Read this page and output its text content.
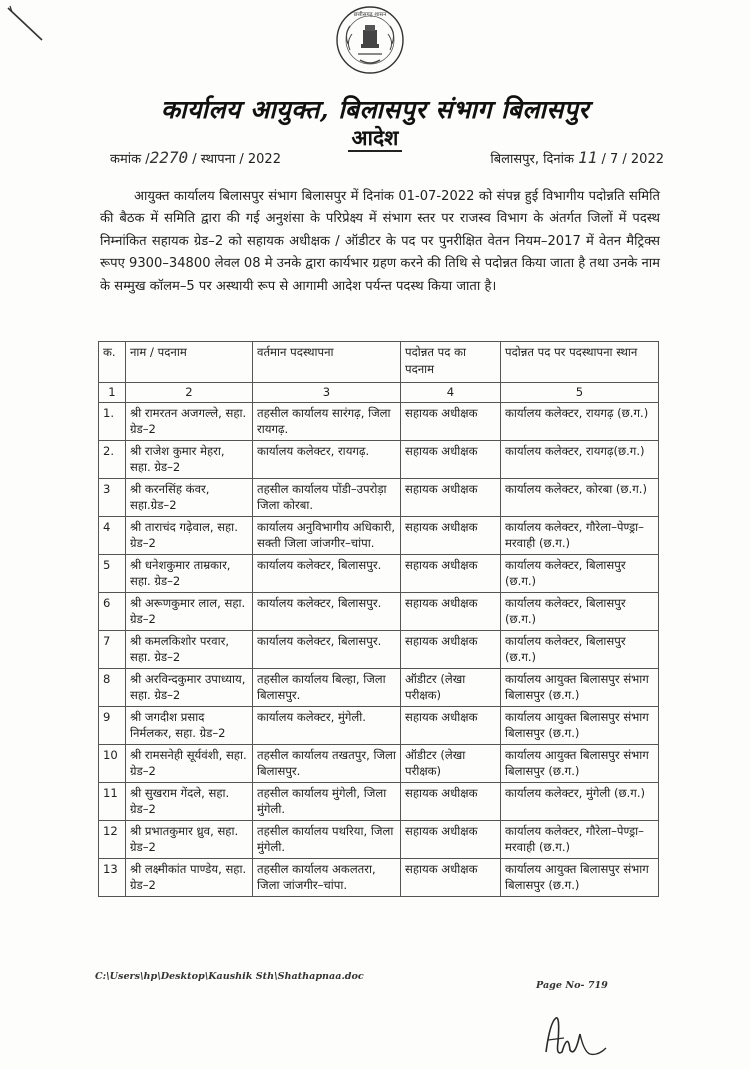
छत्तीसगढ़ शासन
कार्यालय आयुक्त, बिलासपुर संभाग बिलासपुर
आदेश
कमांक /2270 / स्थापना / 2022	बिलासपुर, दिनांक 11 / 7 / 2022
आयुक्त कार्यालय बिलासपुर संभाग बिलासपुर में दिनांक 01-07-2022 को संपन्न हुई विभागीय पदोन्नति समिति की बैठक में समिति द्वारा की गई अनुशंसा के परिप्रेक्ष्य में संभाग स्तर पर राजस्व विभाग के अंतर्गत जिलों में पदस्थ निम्नांकित सहायक ग्रेड–2 को सहायक अधीक्षक / ऑडीटर के पद पर पुनरीक्षित वेतन नियम–2017 में वेतन मैट्रिक्स रूपए 9300–34800 लेवल 08 मे उनके द्वारा कार्यभार ग्रहण करने की तिथि से पदोन्नत किया जाता है तथा उनके नाम के सम्मुख कॉलम–5 पर अस्थायी रूप से आगामी आदेश पर्यन्त पदस्थ किया जाता है।
क.	नाम / पदनाम	वर्तमान पदस्थापना	पदोन्नत पद का पदनाम	पदोन्नत पद पर पदस्थापना स्थान
1	2	3	4	5
1.	श्री रामरतन अजगल्ले, सहा. ग्रेड–2	तहसील कार्यालय सारंगढ़, जिला रायगढ़.	सहायक अधीक्षक	कार्यालय कलेक्टर, रायगढ़ (छ.ग.)
2.	श्री राजेश कुमार मेहरा, सहा. ग्रेड–2	कार्यालय कलेक्टर, रायगढ़.	सहायक अधीक्षक	कार्यालय कलेक्टर, रायगढ़(छ.ग.)
3	श्री करनसिंह कंवर, सहा.ग्रेड–2	तहसील कार्यालय पोंडी–उपरोड़ा जिला कोरबा.	सहायक अधीक्षक	कार्यालय कलेक्टर, कोरबा (छ.ग.)
4	श्री ताराचंद गढ़ेवाल, सहा. ग्रेड–2	कार्यालय अनुविभागीय अधिकारी, सक्ती जिला जांजगीर–चांपा.	सहायक अधीक्षक	कार्यालय कलेक्टर, गौरेला–पेण्ड्रा–मरवाही (छ.ग.)
5	श्री धनेशकुमार ताम्रकार, सहा. ग्रेड–2	कार्यालय कलेक्टर, बिलासपुर.	सहायक अधीक्षक	कार्यालय कलेक्टर, बिलासपुर (छ.ग.)
6	श्री अरूणकुमार लाल, सहा. ग्रेड–2	कार्यालय कलेक्टर, बिलासपुर.	सहायक अधीक्षक	कार्यालय कलेक्टर, बिलासपुर (छ.ग.)
7	श्री कमलकिशोर परवार, सहा. ग्रेड–2	कार्यालय कलेक्टर, बिलासपुर.	सहायक अधीक्षक	कार्यालय कलेक्टर, बिलासपुर (छ.ग.)
8	श्री अरविन्दकुमार उपाध्याय, सहा. ग्रेड–2	तहसील कार्यालय बिल्हा, जिला बिलासपुर.	ऑडीटर (लेखा परीक्षक)	कार्यालय आयुक्त बिलासपुर संभाग बिलासपुर (छ.ग.)
9	श्री जगदीश प्रसाद निर्मलकर, सहा. ग्रेड–2	कार्यालय कलेक्टर, मुंगेली.	सहायक अधीक्षक	कार्यालय आयुक्त बिलासपुर संभाग बिलासपुर (छ.ग.)
10	श्री रामसनेही सूर्यवंशी, सहा. ग्रेड–2	तहसील कार्यालय तखतपुर, जिला बिलासपुर.	ऑडीटर (लेखा परीक्षक)	कार्यालय आयुक्त बिलासपुर संभाग बिलासपुर (छ.ग.)
11	श्री सुखराम गेंदले, सहा. ग्रेड–2	तहसील कार्यालय मुंगेली, जिला मुंगेली.	सहायक अधीक्षक	कार्यालय कलेक्टर, मुंगेली (छ.ग.)
12	श्री प्रभातकुमार ध्रुव, सहा. ग्रेड–2	तहसील कार्यालय पथरिया, जिला मुंगेली.	सहायक अधीक्षक	कार्यालय कलेक्टर, गौरेला–पेण्ड्रा–मरवाही (छ.ग.)
13	श्री लक्ष्मीकांत पाण्डेय, सहा. ग्रेड–2	तहसील कार्यालय अकलतरा, जिला जांजगीर–चांपा.	सहायक अधीक्षक	कार्यालय आयुक्त बिलासपुर संभाग बिलासपुर (छ.ग.)
C:\Users\hp\Desktop\Kaushik Sth\Shathapnaa.doc
Page No- 719
